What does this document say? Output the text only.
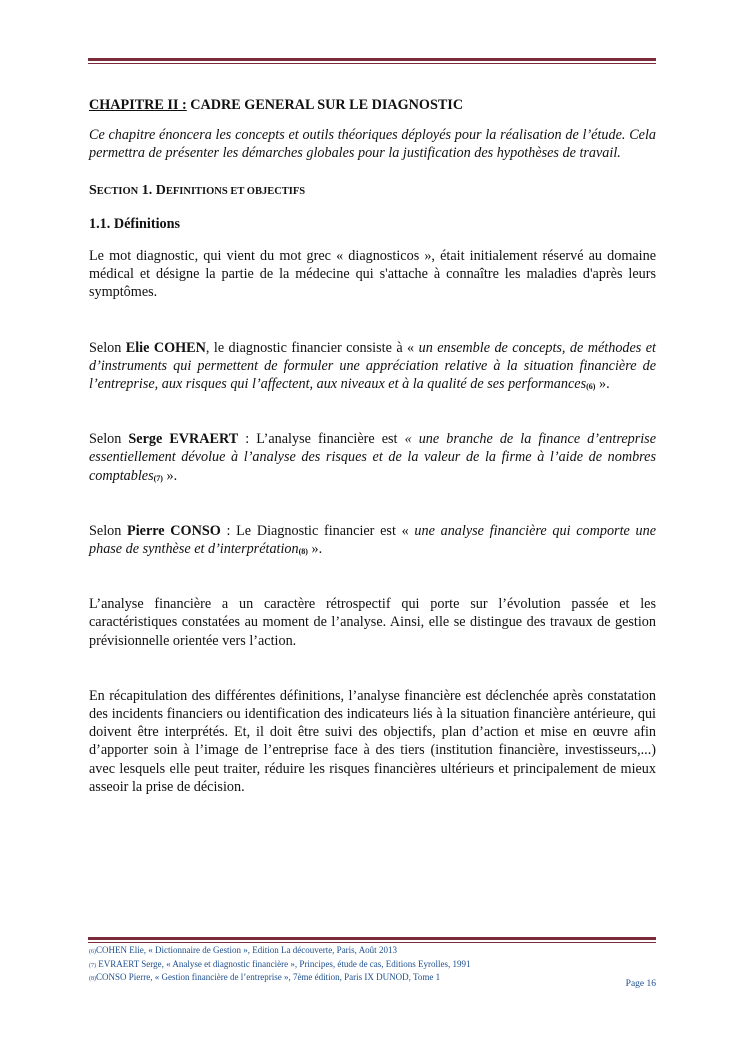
CHAPITRE II : CADRE GENERAL SUR LE DIAGNOSTIC

Ce chapitre énoncera les concepts et outils théoriques déployés pour la réalisation de l’étude. Cela permettra de présenter les démarches globales pour la justification des hypothèses de travail.

SECTION 1. DEFINITIONS ET OBJECTIFS

1.1. Définitions

Le mot diagnostic, qui vient du mot grec « diagnosticos », était initialement réservé au domaine médical et désigne la partie de la médecine qui s'attache à connaître les maladies d'après leurs symptômes.

Selon Elie COHEN, le diagnostic financier consiste à « un ensemble de concepts, de méthodes et d’instruments qui permettent de formuler une appréciation relative à la situation financière de l’entreprise, aux risques qui l’affectent, aux niveaux et à la qualité de ses performances$_{(6)}$ ».

Selon Serge EVRAERT : L’analyse financière est « une branche de la finance d’entreprise essentiellement dévolue à l’analyse des risques et de la valeur de la firme à l’aide de nombres comptables$_{(7)}$ ».

Selon Pierre CONSO : Le Diagnostic financier est « une analyse financière qui comporte une phase de synthèse et d’interprétation$_{(8)}$ ».

L’analyse financière a un caractère rétrospectif qui porte sur l’évolution passée et les caractéristiques constatées au moment de l’analyse. Ainsi, elle se distingue des travaux de gestion prévisionnelle orientée vers l’action.

En récapitulation des différentes définitions, l’analyse financière est déclenchée après constatation des incidents financiers ou identification des indicateurs liés à la situation financière antérieure, qui doivent être interprétés. Et, il doit être suivi des objectifs, plan d’action et mise en œuvre afin d’apporter soin à l’image de l’entreprise face à des tiers (institution financière, investisseurs,...) avec lesquels elle peut traiter, réduire les risques financières ultérieurs et principalement de mieux asseoir la prise de décision.

(6)COHEN Elie, « Dictionnaire de Gestion », Edition La découverte, Paris, Août 2013
(7) EVRAERT Serge, « Analyse et diagnostic financière », Principes, étude de cas, Editions Eyrolles, 1991
(8)CONSO Pierre, « Gestion financière de l’entreprise », 7ème édition, Paris IX DUNOD, Tome 1
Page 16
